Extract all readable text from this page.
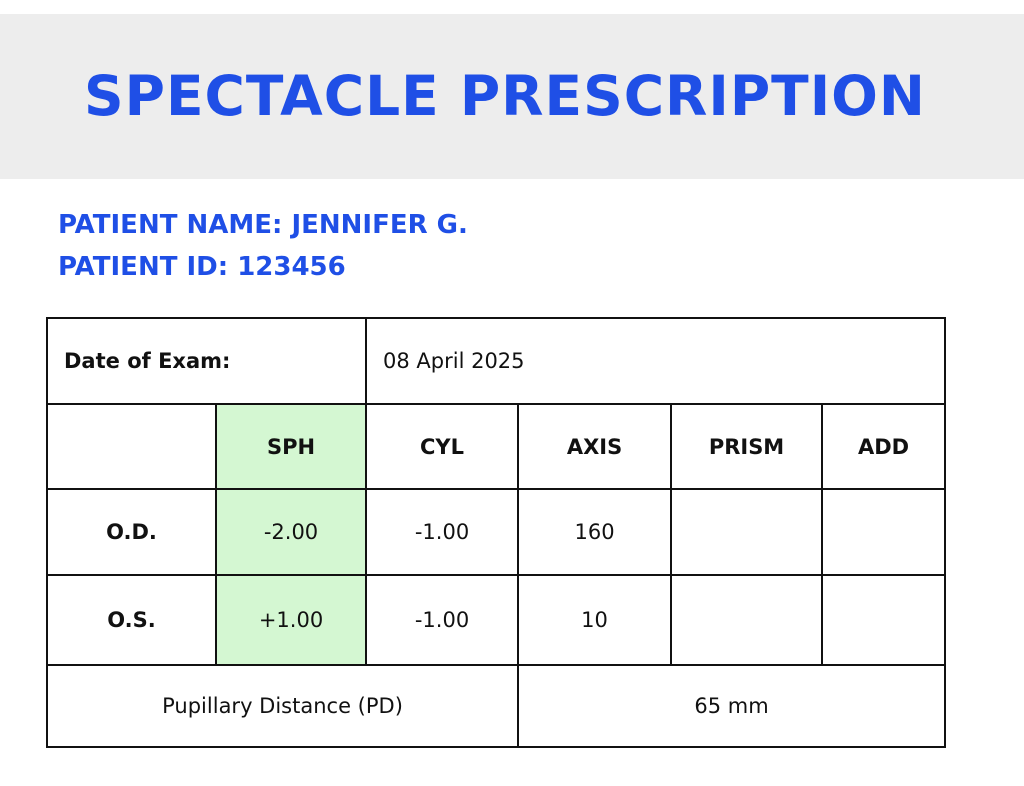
SPECTACLE PRESCRIPTION
PATIENT NAME: JENNIFER G.
PATIENT ID: 123456
Date of Exam:		08 April 2025			
	SPH	CYL	AXIS	PRISM	ADD
O.D.	-2.00	-1.00	160		
O.S.	+1.00	-1.00	10		
Pupillary Distance (PD)			65 mm		
